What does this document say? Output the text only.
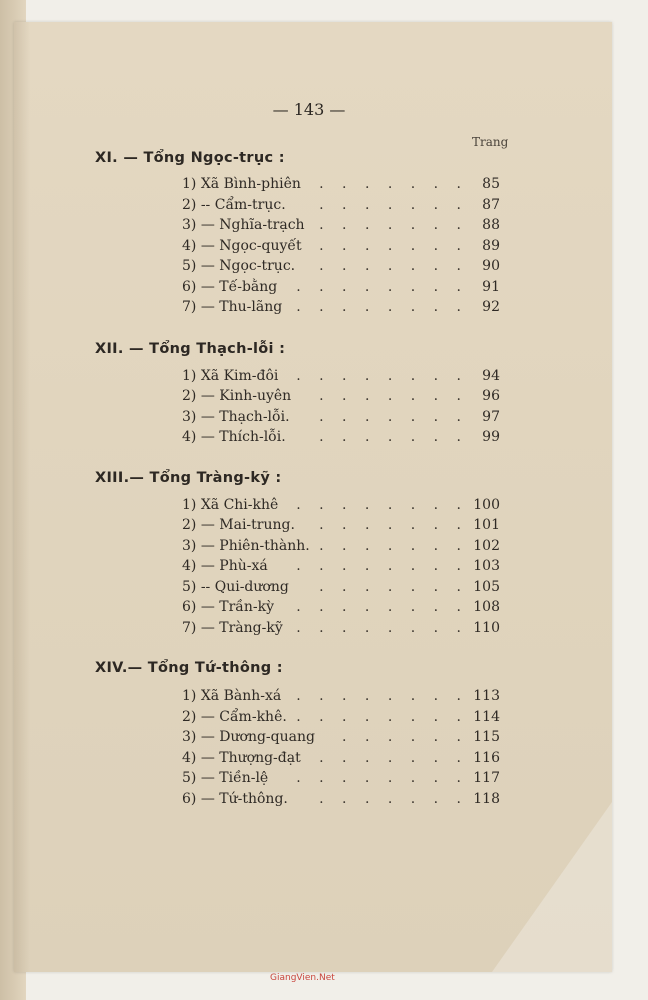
— 143 —
Trang
XI. — Tổng Ngọc-trục :
1) Xã Bình-phiên . . . . . . .	85
2) -- Cẩm-trục. . . . . . . .	87
3) — Nghĩa-trạch . . . . . . .	88
4) — Ngọc-quyết . . . . . . .	89
5) — Ngọc-trục. . . . . . . .	90
6) — Tế-bằng . . . . . . . .	91
7) — Thu-lãng . . . . . . . .	92
XII. — Tổng Thạch-lỗi :
1) Xã Kim-đôi . . . . . . . .	94
2) — Kinh-uyên . . . . . . .	96
3) — Thạch-lỗi. . . . . . . .	97
4) — Thích-lỗi. . . . . . . .	99
XIII.— Tổng Tràng-kỹ :
1) Xã Chi-khê . . . . . . . . 100
2) — Mai-trung. . . . . . . . 101
3) — Phiên-thành. . . . . . . . 102
4) — Phù-xá . . . . . . . . 103
5) -- Qui-dương . . . . . . . 105
6) — Trần-kỳ . . . . . . . . 108
7) — Tràng-kỹ . . . . . . . . 110
XIV.— Tổng Tứ-thông :
1) Xã Bành-xá . . . . . . . . 113
2) — Cẩm-khê. . . . . . . . . 114
3) — Dương-quang . . . . . . 115
4) — Thượng-đạt . . . . . . . 116
5) — Tiền-lệ . . . . . . . . 117
6) — Tứ-thông. . . . . . . . 118
GiangVien.Net
